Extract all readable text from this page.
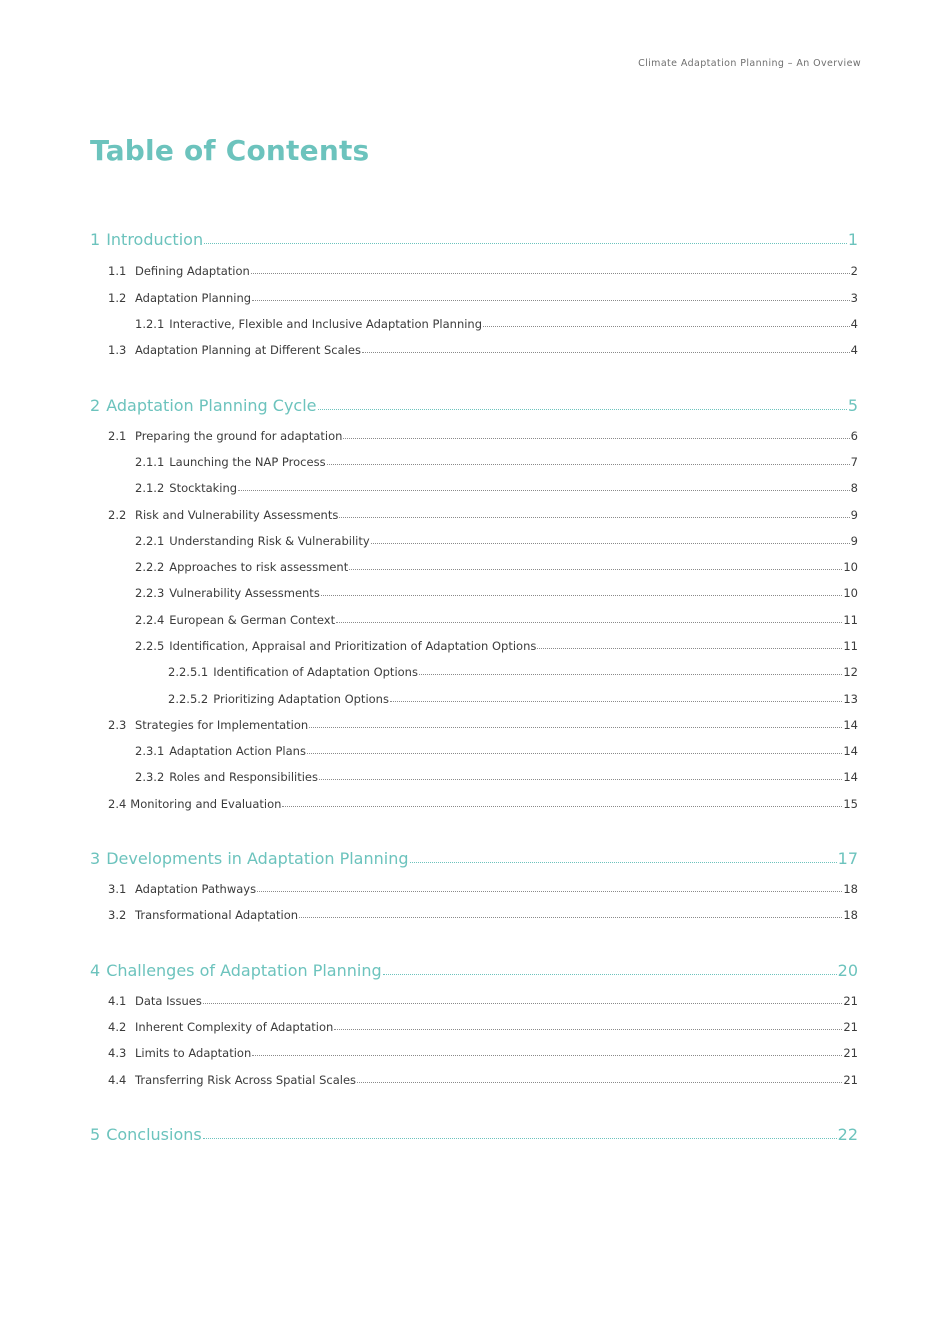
Climate Adaptation Planning – An Overview
Table of Contents
1 Introduction	1
1.1 Defining Adaptation	2
1.2 Adaptation Planning	3
1.2.1 Interactive, Flexible and Inclusive Adaptation Planning	4
1.3 Adaptation Planning at Different Scales	4
2 Adaptation Planning Cycle	5
2.1 Preparing the ground for adaptation	6
2.1.1 Launching the NAP Process	7
2.1.2 Stocktaking	8
2.2 Risk and Vulnerability Assessments	9
2.2.1 Understanding Risk & Vulnerability	9
2.2.2 Approaches to risk assessment	10
2.2.3 Vulnerability Assessments	10
2.2.4 European & German Context	11
2.2.5 Identification, Appraisal and Prioritization of Adaptation Options	11
2.2.5.1 Identification of Adaptation Options	12
2.2.5.2 Prioritizing Adaptation Options	13
2.3 Strategies for Implementation	14
2.3.1 Adaptation Action Plans	14
2.3.2 Roles and Responsibilities	14
2.4 Monitoring and Evaluation	15
3 Developments in Adaptation Planning	17
3.1 Adaptation Pathways	18
3.2 Transformational Adaptation	18
4 Challenges of Adaptation Planning	20
4.1 Data Issues	21
4.2 Inherent Complexity of Adaptation	21
4.3 Limits to Adaptation	21
4.4 Transferring Risk Across Spatial Scales	21
5 Conclusions	22
